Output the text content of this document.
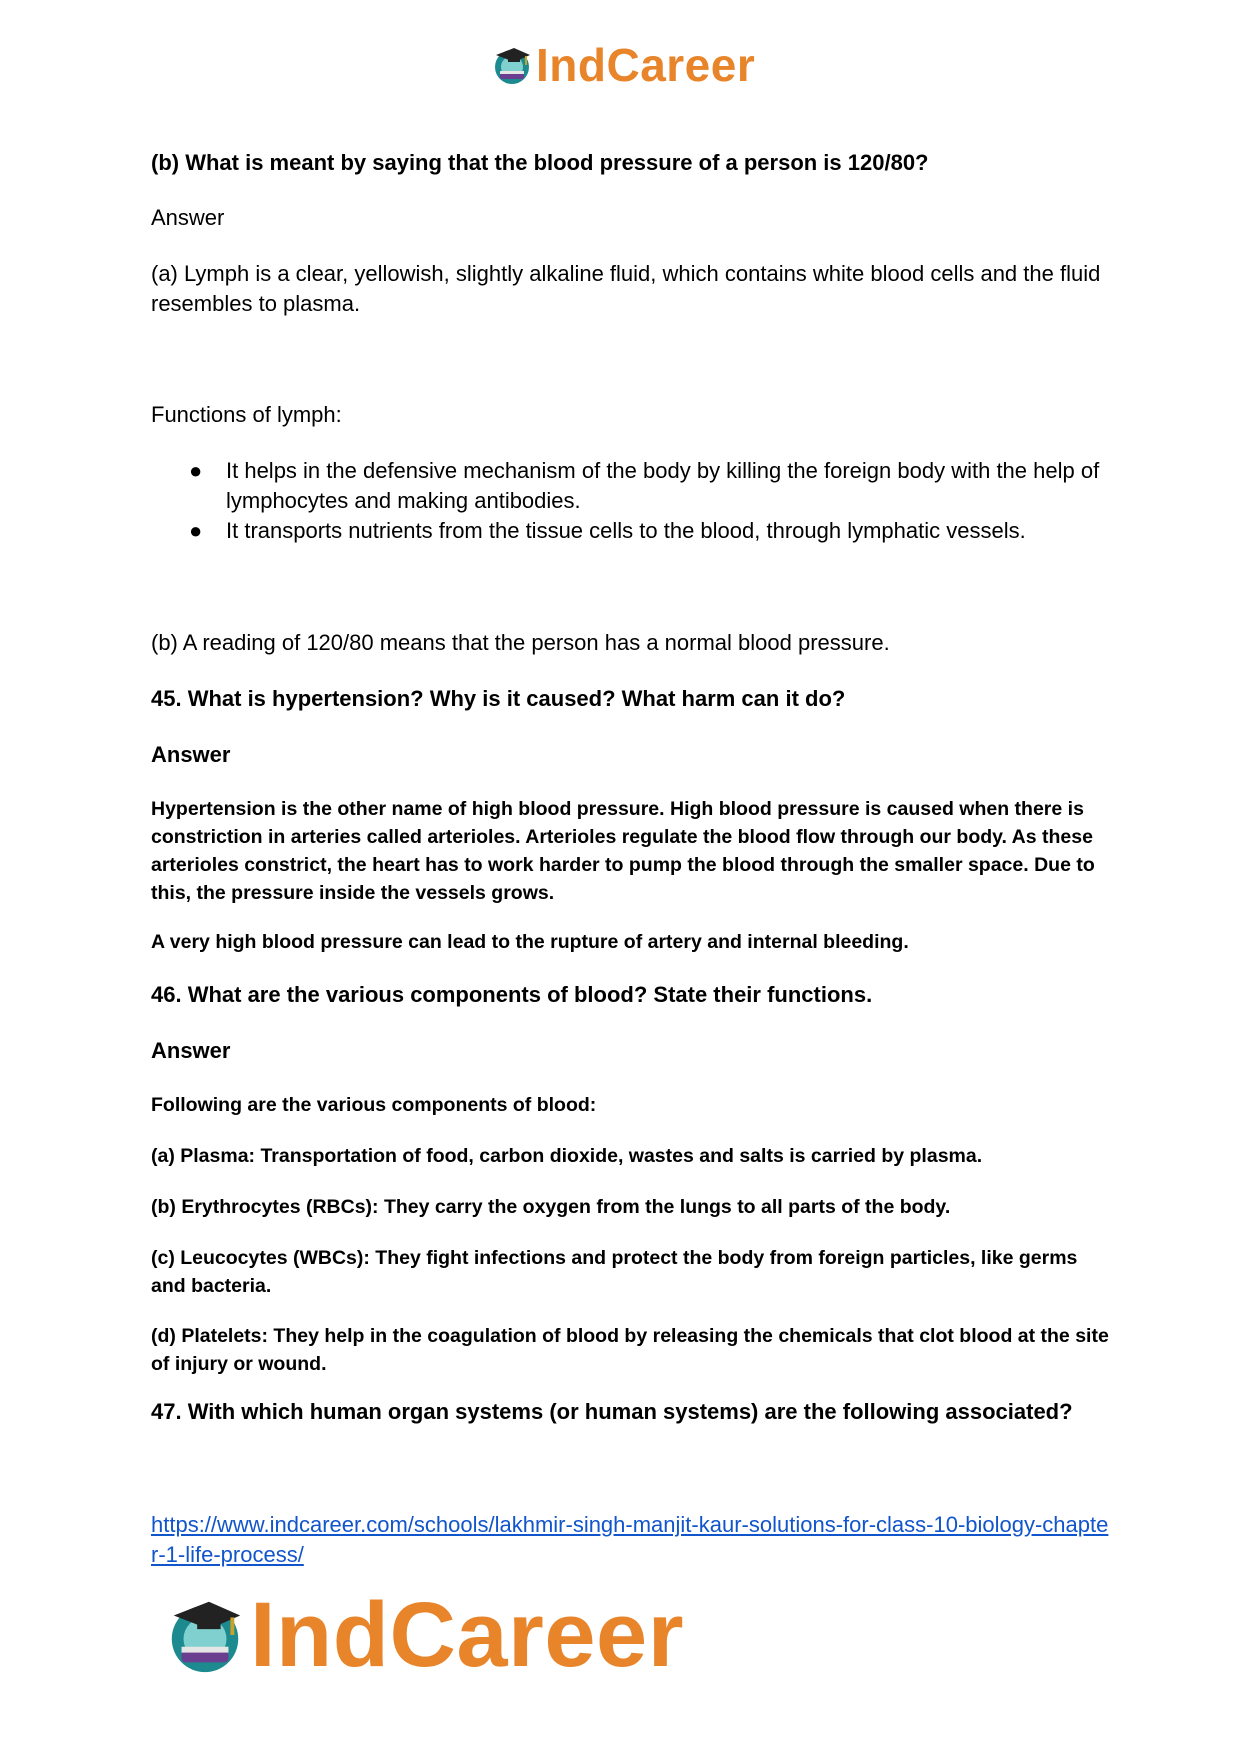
IndCareer

(b) What is meant by saying that the blood pressure of a person is 120/80?

Answer

(a) Lymph is a clear, yellowish, slightly alkaline fluid, which contains white blood cells and the fluid resembles to plasma.

Functions of lymph:

● It helps in the defensive mechanism of the body by killing the foreign body with the help of lymphocytes and making antibodies.
● It transports nutrients from the tissue cells to the blood, through lymphatic vessels.

(b) A reading of 120/80 means that the person has a normal blood pressure.

45. What is hypertension? Why is it caused? What harm can it do?

Answer

Hypertension is the other name of high blood pressure. High blood pressure is caused when there is constriction in arteries called arterioles. Arterioles regulate the blood flow through our body. As these arterioles constrict, the heart has to work harder to pump the blood through the smaller space. Due to this, the pressure inside the vessels grows.

A very high blood pressure can lead to the rupture of artery and internal bleeding.

46. What are the various components of blood? State their functions.

Answer

Following are the various components of blood:

(a) Plasma: Transportation of food, carbon dioxide, wastes and salts is carried by plasma.

(b) Erythrocytes (RBCs): They carry the oxygen from the lungs to all parts of the body.

(c) Leucocytes (WBCs): They fight infections and protect the body from foreign particles, like germs and bacteria.

(d) Platelets: They help in the coagulation of blood by releasing the chemicals that clot blood at the site of injury or wound.

47. With which human organ systems (or human systems) are the following associated?

https://www.indcareer.com/schools/lakhmir-singh-manjit-kaur-solutions-for-class-10-biology-chapter-1-life-process/
IndCareer
